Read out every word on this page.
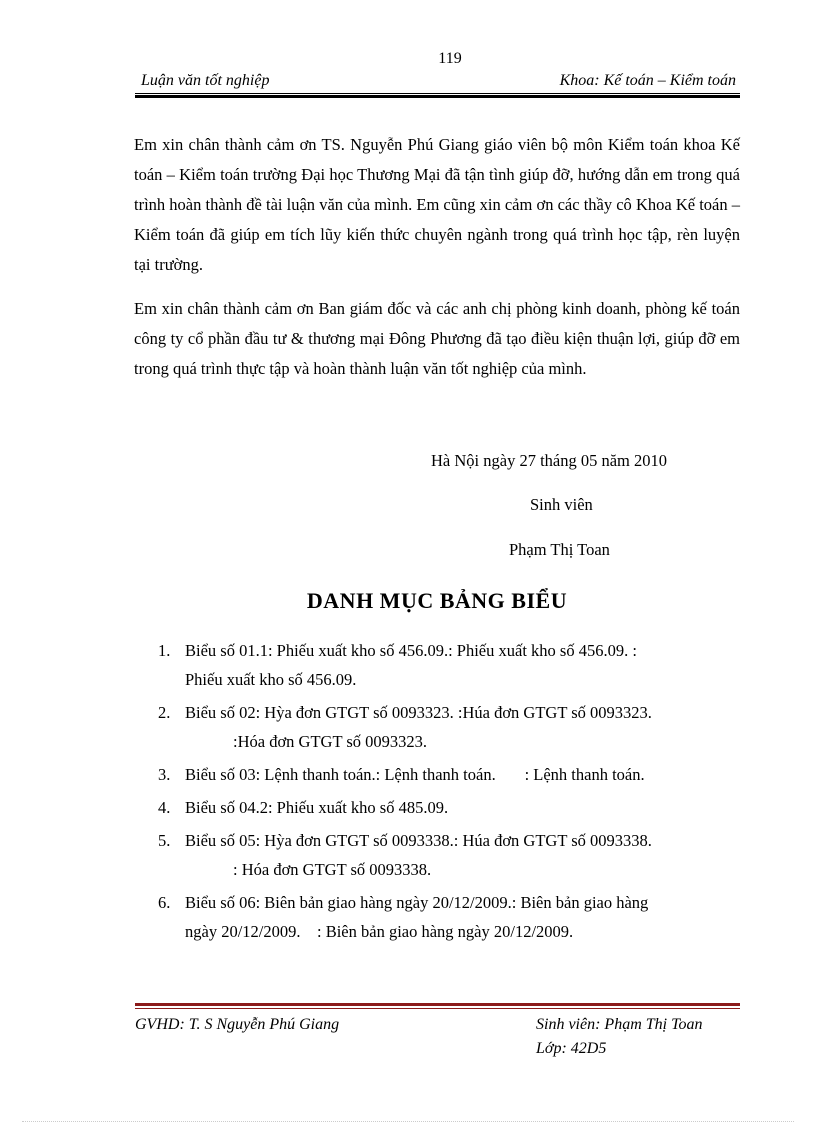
119
Luận văn tốt nghiệp	Khoa: Kế toán – Kiểm toán

Em xin chân thành cảm ơn TS. Nguyễn Phú Giang giáo viên bộ môn Kiểm toán khoa Kế toán – Kiểm toán trường Đại học Thương Mại đã tận tình giúp đỡ, hướng dẫn em trong quá trình hoàn thành đề tài luận văn của mình. Em cũng xin cảm ơn các thầy cô Khoa Kế toán – Kiểm toán đã giúp em tích lũy kiến thức chuyên ngành trong quá trình học tập, rèn luyện tại trường.

Em xin chân thành cảm ơn Ban giám đốc và các anh chị phòng kinh doanh, phòng kế toán công ty cổ phần đầu tư & thương mại Đông Phương đã tạo điều kiện thuận lợi, giúp đỡ em trong quá trình thực tập và hoàn thành luận văn tốt nghiệp của mình.

Hà Nội ngày 27 tháng 05 năm 2010
Sinh viên
Phạm Thị Toan
DANH MỤC BẢNG BIỂU
1. Biểu số 01.1: Phiếu xuất kho số 456.09.: Phiếu xuất kho số 456.09. :
Phiếu xuất kho số 456.09.
2. Biểu số 02: Hỳa đơn GTGT số 0093323. :Húa đơn GTGT số 0093323.
:Hóa đơn GTGT số 0093323.
3. Biểu số 03: Lệnh thanh toán.: Lệnh thanh toán.       : Lệnh thanh toán.
4. Biểu số 04.2: Phiếu xuất kho số 485.09.
5. Biểu số 05: Hỳa đơn GTGT số 0093338.: Húa đơn GTGT số 0093338.
: Hóa đơn GTGT số 0093338.
6. Biểu số 06: Biên bản giao hàng ngày 20/12/2009.: Biên bản giao hàng
ngày 20/12/2009.    : Biên bản giao hàng ngày 20/12/2009.
GVHD: T. S Nguyễn Phú Giang	Sinh viên: Phạm Thị Toan
Lớp: 42D5
